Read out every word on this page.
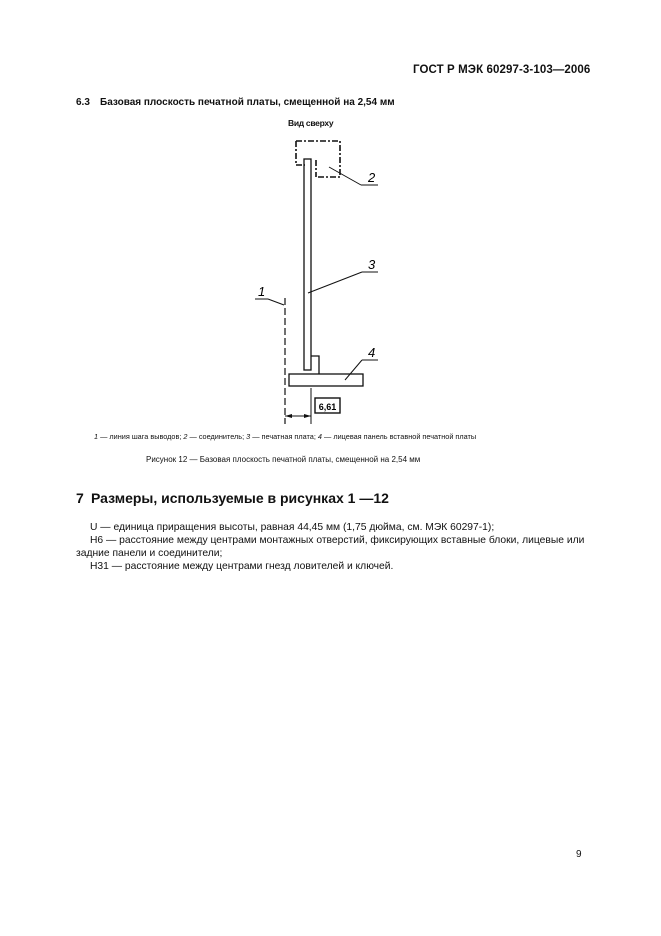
ГОСТ Р МЭК 60297-3-103—2006
6.3 Базовая плоскость печатной платы, смещенной на 2,54 мм
Вид сверху
6,61
1
2
3
4
1 — линия шага выводов; 2 — соединитель; 3 — печатная плата; 4 — лицевая панель вставной печатной платы
Рисунок 12 — Базовая плоскость печатной платы, смещенной на 2,54 мм
7 Размеры, используемые в рисунках 1 —12

U — единица приращения высоты, равная 44,45 мм (1,75 дюйма, см. МЭК 60297-1);

H6 — расстояние между центрами монтажных отверстий, фиксирующих вставные блоки, лицевые или задние панели и соединители;

H31 — расстояние между центрами гнезд ловителей и ключей.

9
